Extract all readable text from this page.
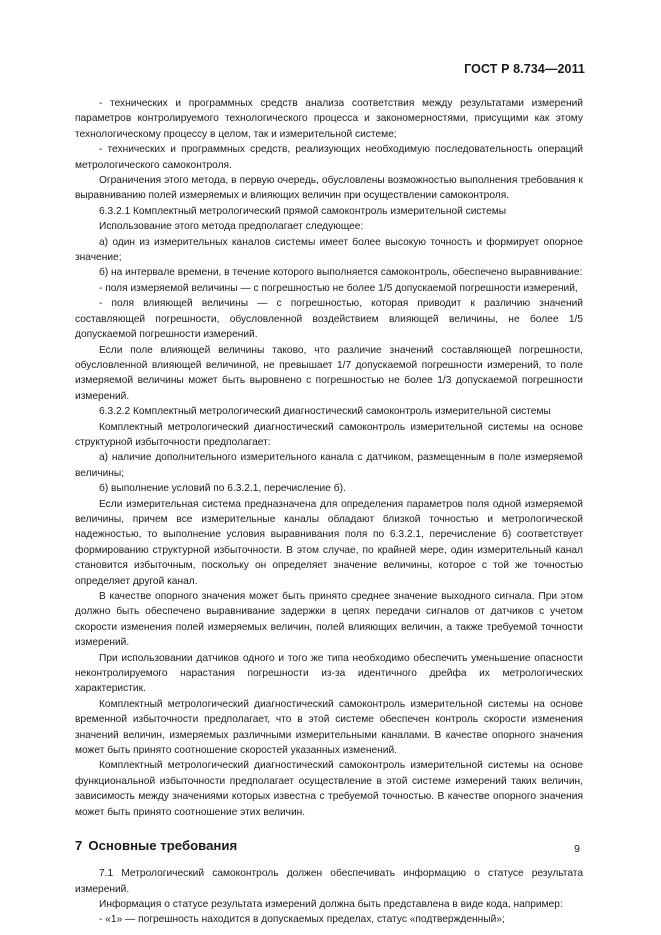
ГОСТ Р 8.734—2011

- технических и программных средств анализа соответствия между результатами измерений параметров контролируемого технологического процесса и закономерностями, присущими как этому технологическому процессу в целом, так и измерительной системе;

- технических и программных средств, реализующих необходимую последовательность операций метрологического самоконтроля.

Ограничения этого метода, в первую очередь, обусловлены возможностью выполнения требования к выравниванию полей измеряемых и влияющих величин при осуществлении самоконтроля.

6.3.2.1 Комплектный метрологический прямой самоконтроль измерительной системы

Использование этого метода предполагает следующее:

а) один из измерительных каналов системы имеет более высокую точность и формирует опорное значение;

б) на интервале времени, в течение которого выполняется самоконтроль, обеспечено выравнивание:

- поля измеряемой величины — с погрешностью не более 1/5 допускаемой погрешности измерений,

- поля влияющей величины — с погрешностью, которая приводит к различию значений составляющей погрешности, обусловленной воздействием влияющей величины, не более 1/5 допускаемой погрешности измерений.

Если поле влияющей величины таково, что различие значений составляющей погрешности, обусловленной влияющей величиной, не превышает 1/7 допускаемой погрешности измерений, то поле измеряемой величины может быть выровнено с погрешностью не более 1/3 допускаемой погрешности измерений.

6.3.2.2 Комплектный метрологический диагностический самоконтроль измерительной системы

Комплектный метрологический диагностический самоконтроль измерительной системы на основе структурной избыточности предполагает:

а) наличие дополнительного измерительного канала с датчиком, размещенным в поле измеряемой величины;

б) выполнение условий по 6.3.2.1, перечисление б).

Если измерительная система предназначена для определения параметров поля одной измеряемой величины, причем все измерительные каналы обладают близкой точностью и метрологической надежностью, то выполнение условия выравнивания поля по 6.3.2.1, перечисление б) соответствует формированию структурной избыточности. В этом случае, по крайней мере, один измерительный канал становится избыточным, поскольку он определяет значение величины, которое с той же точностью определяет другой канал.

В качестве опорного значения может быть принято среднее значение выходного сигнала. При этом должно быть обеспечено выравнивание задержки в цепях передачи сигналов от датчиков с учетом скорости изменения полей измеряемых величин, полей влияющих величин, а также требуемой точности измерений.

При использовании датчиков одного и того же типа необходимо обеспечить уменьшение опасности неконтролируемого нарастания погрешности из-за идентичного дрейфа их метрологических характеристик.

Комплектный метрологический диагностический самоконтроль измерительной системы на основе временной избыточности предполагает, что в этой системе обеспечен контроль скорости изменения значений величин, измеряемых различными измерительными каналами. В качестве опорного значения может быть принято соотношение скоростей указанных изменений.

Комплектный метрологический диагностический самоконтроль измерительной системы на основе функциональной избыточности предполагает осуществление в этой системе измерений таких величин, зависимость между значениями которых известна с требуемой точностью. В качестве опорного значения может быть принято соотношение этих величин.

7 Основные требования

7.1 Метрологический самоконтроль должен обеспечивать информацию о статусе результата измерений.

Информация о статусе результата измерений должна быть представлена в виде кода, например:

- «1» — погрешность находится в допускаемых пределах, статус «подтвержденный»;

9
